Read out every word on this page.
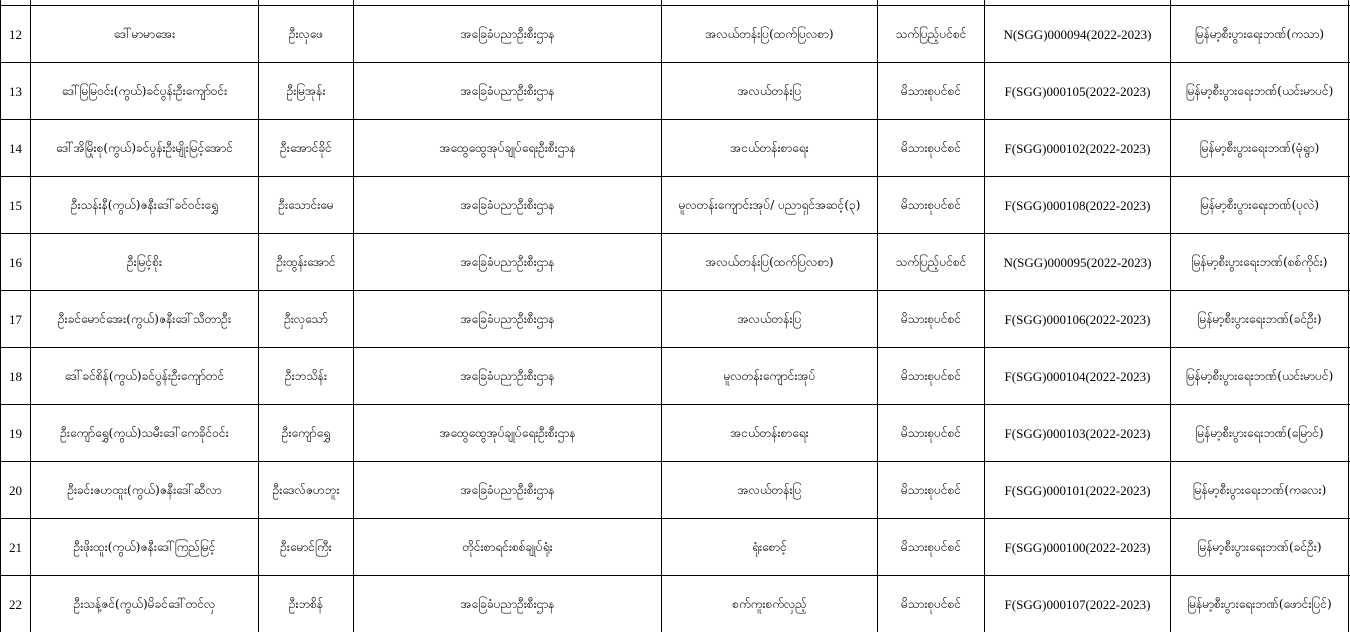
12	ဒေါ်မာမာအေး	ဦးလှဖေ	အခြေခံပညာဦးစီးဌာန	အလယ်တန်းပြ(ထက်ပြလစာ)	သက်ပြည့်ပင်စင်	N(SGG)000094(2022-2023)	မြန်မာ့စီးပွားရေးဘဏ်(ကသာ)	
13	ဒေါ်မြမြဝင်း(ကွယ်)ခင်ပွန်းဦးကျော်ဝင်း	ဦးမြအုန်း	အခြေခံပညာဦးစီးဌာန	အလယ်တန်းပြ	မိသားစုပင်စင်	F(SGG)000105(2022-2023)	မြန်မာ့စီးပွားရေးဘဏ်(ယင်းမာပင်)	
14	ဒေါ်အိမြိုးစု(ကွယ်)ခင်ပွန်းဦးမျိုးမြင့်အောင်	ဦးအောင်ခိုင်	အထွေထွေအုပ်ချုပ်ရေးဦးစီးဌာန	အငယ်တန်းစာရေး	မိသားစုပင်စင်	F(SGG)000102(2022-2023)	မြန်မာ့စီးပွားရေးဘဏ်(မုံရွာ)	
15	ဦးသန်းနီ(ကွယ်)ဇနီးဒေါ်ခင်ဝင်းရွှေ	ဦးသောင်းမေ	အခြေခံပညာဦးစီးဌာန	မူလတန်းကျောင်းအုပ်/ ပညာရှင်အဆင့်(၃)	မိသားစုပင်စင်	F(SGG)000108(2022-2023)	မြန်မာ့စီးပွားရေးဘဏ်(ပုလဲ)	
16	ဦးမြင့်စိုး	ဦးထွန်းအောင်	အခြေခံပညာဦးစီးဌာန	အလယ်တန်းပြ(ထက်ပြလစာ)	သက်ပြည့်ပင်စင်	N(SGG)000095(2022-2023)	မြန်မာ့စီးပွားရေးဘဏ်(စစ်ကိုင်း)	
17	ဦးခင်မောင်အေး(ကွယ်)ဇနီးဒေါ်သီတာဦး	ဦးလှသော်	အခြေခံပညာဦးစီးဌာန	အလယ်တန်းပြ	မိသားစုပင်စင်	F(SGG)000106(2022-2023)	မြန်မာ့စီးပွားရေးဘဏ်(ခင်ဦး)	
18	ဒေါ်ခင်စိန်(ကွယ်)ခင်ပွန်းဦးကျော်တင်	ဦးဘသိန်း	အခြေခံပညာဦးစီးဌာန	မူလတန်းကျောင်းအုပ်	မိသားစုပင်စင်	F(SGG)000104(2022-2023)	မြန်မာ့စီးပွားရေးဘဏ်(ယင်းမာပင်)	
19	ဦးကျော်ရွှေ(ကွယ်)သမီးဒေါ်ကေခိုင်ဝင်း	ဦးကျော်ရွှေ	အထွေထွေအုပ်ချုပ်ရေးဦးစီးဌာန	အငယ်တန်းစာရေး	မိသားစုပင်စင်	F(SGG)000103(2022-2023)	မြန်မာ့စီးပွားရေးဘဏ်(မြောင်)	
20	ဦးခင်းဇဟထူး(ကွယ်)ဇနီးဒေါ်ဆီလာ	ဦးဒေလ်ဇဟဘူး	အခြေခံပညာဦးစီးဌာန	အလယ်တန်းပြ	မိသားစုပင်စင်	F(SGG)000101(2022-2023)	မြန်မာ့စီးပွားရေးဘဏ်(ကလေး)	
21	ဦးဖိုးထူး(ကွယ်)ဇနီးဒေါ်ကြည်မြင့်	ဦးမောင်ကြီး	တိုင်းစာရင်းစစ်ချုပ်ရုံး	ရုံးစောင့်	မိသားစုပင်စင်	F(SGG)000100(2022-2023)	မြန်မာ့စီးပွားရေးဘဏ်(ခင်ဦး)	
22	ဦးသန့်ဇင်(ကွယ်)မိခင်ဒေါ်တင်လှ	ဦးဘစိန်	အခြေခံပညာဦးစီးဌာန	စက်ကူးစက်လှည့်	မိသားစုပင်စင်	F(SGG)000107(2022-2023)	မြန်မာ့စီးပွားရေးဘဏ်(ဖောင်းပြင်)	
